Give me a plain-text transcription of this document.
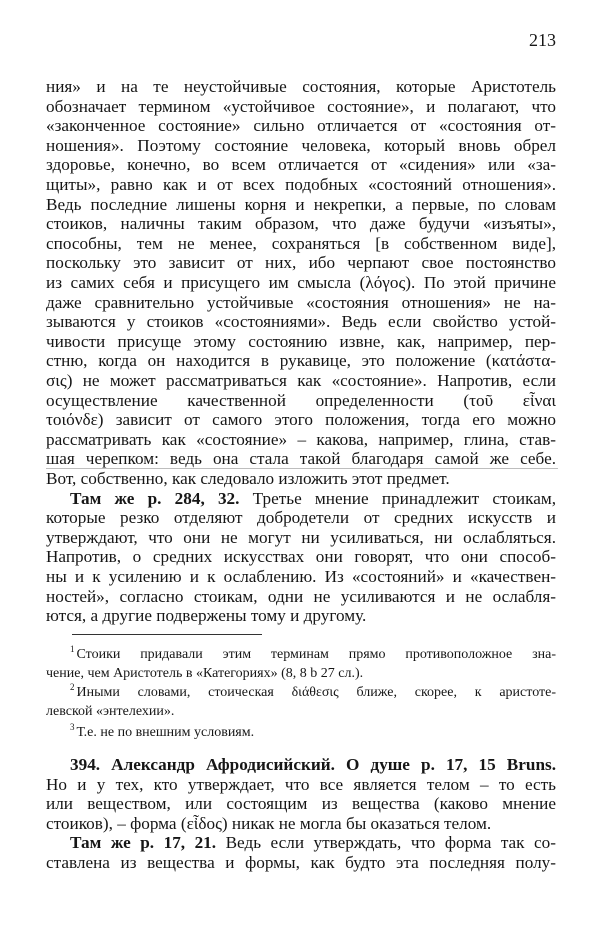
213
ния» и на те неустойчивые состояния, которые Аристотель
обозначает термином «устойчивое состояние», и полагают, что
«законченное состояние» сильно отличается от «состояния от-
ношения». Поэтому состояние человека, который вновь обрел
здоровье, конечно, во всем отличается от «сидения» или «за-
щиты», равно как и от всех подобных «состояний отношения».
Ведь последние лишены корня и некрепки, а первые, по словам
стоиков, наличны таким образом, что даже будучи «изъяты»,
способны, тем не менее, сохраняться [в собственном виде],
поскольку это зависит от них, ибо черпают свое постоянство
из самих себя и присущего им смысла (λόγος). По этой причине
даже сравнительно устойчивые «состояния отношения» не на-
зываются у стоиков «состояниями». Ведь если свойство устой-
чивости присуще этому состоянию извне, как, например, пер-
стню, когда он находится в рукавице, это положение (κατάστα-
σις) не может рассматриваться как «состояние». Напротив, если
осуществление качественной определенности (τοῦ εἶναι
τοιόνδε) зависит от самого этого положения, тогда его можно
рассматривать как «состояние» – какова, например, глина, став-
шая черепком: ведь она стала такой благодаря самой же себе.
Вот, собственно, как следовало изложить этот предмет.
Там же р. 284, 32. Третье мнение принадлежит стоикам,
которые резко отделяют добродетели от средних искусств и
утверждают, что они не могут ни усиливаться, ни ослабляться.
Напротив, о средних искусствах они говорят, что они способ-
ны и к усилению и к ослаблению. Из «состояний» и «качествен-
ностей», согласно стоикам, одни не усиливаются и не ослабля-
ются, а другие подвержены тому и другому.
$^1$ Стоики придавали этим терминам прямо противоположное зна-
чение, чем Аристотель в «Категориях» (8, 8 b 27 сл.).
$^2$ Иными словами, стоическая διάθεσις ближе, скорее, к аристоте-
левской «энтелехии».
$^3$ Т.е. не по внешним условиям.
394. Александр Афродисийский. О душе р. 17, 15 Bruns.
Но и у тех, кто утверждает, что все является телом – то есть
или веществом, или состоящим из вещества (каково мнение
стоиков), – форма (εἶδος) никак не могла бы оказаться телом.
Там же р. 17, 21. Ведь если утверждать, что форма так со-
ставлена из вещества и формы, как будто эта последняя полу-
